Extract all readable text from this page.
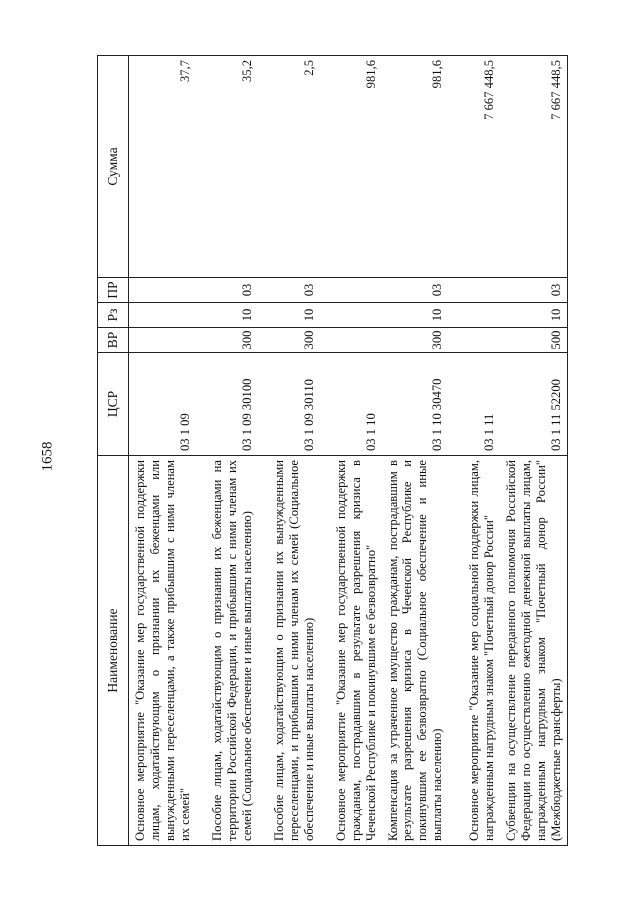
1658
Наименование	ЦСР	ВР	Рз	ПР	Сумма
Основное мероприятие "Оказание мер государственной поддержки лицам, ходатайствующим о признании их беженцами или вынужденными переселенцами, а также прибывшим с ними членам их семей"	03 1 09				37,7
Пособие лицам, ходатайствующим о признании их беженцами на территории Российской Федерации, и прибывшим с ними членам их семей (Социальное обеспечение и иные выплаты населению)	03 1 09 30100	300	10	03	35,2
Пособие лицам, ходатайствующим о признании их вынужденными переселенцами, и прибывшим с ними членам их семей (Социальное обеспечение и иные выплаты населению)	03 1 09 30110	300	10	03	2,5
Основное мероприятие "Оказание мер государственной поддержки гражданам, пострадавшим в результате разрешения кризиса в Чеченской Республике и покинувшим ее безвозвратно"	03 1 10				981,6
Компенсация за утраченное имущество гражданам, пострадавшим в результате разрешения кризиса в Чеченской Республике и покинувшим ее безвозвратно (Социальное обеспечение и иные выплаты населению)	03 1 10 30470	300	10	03	981,6
Основное мероприятие "Оказание мер социальной поддержки лицам, награжденным нагрудным знаком "Почетный донор России"	03 1 11				7 667 448,5
Субвенции на осуществление переданного полномочия Российской Федерации по осуществлению ежегодной денежной выплаты лицам, награжденным нагрудным знаком "Почетный донор России" (Межбюджетные трансферты)	03 1 11 52200	500	10	03	7 667 448,5
